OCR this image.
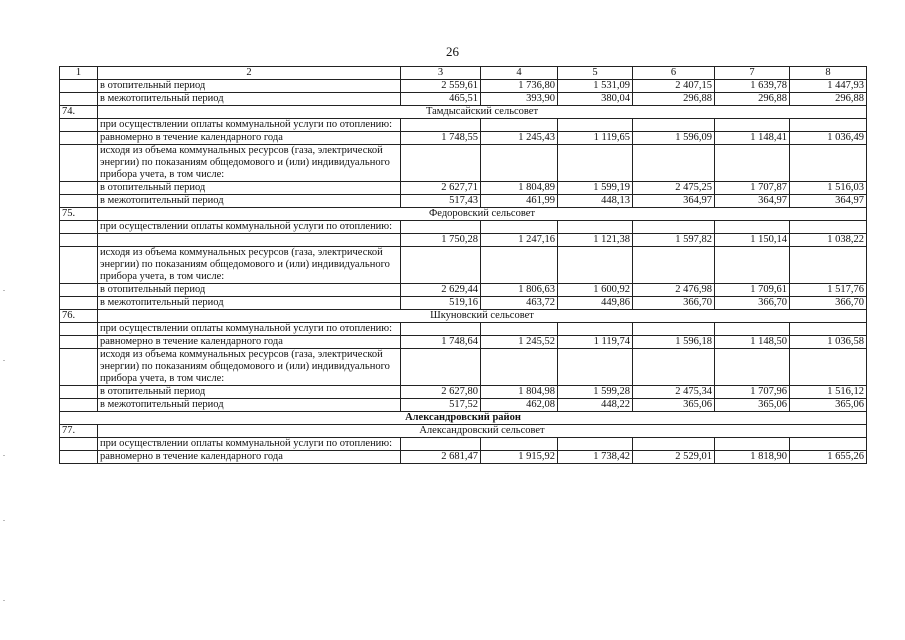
26
1	2	3	4	5	6	7	8
	в отопительный период	2 559,61	1 736,80	1 531,09	2 407,15	1 639,78	1 447,93
	в межотопительный период	465,51	393,90	380,04	296,88	296,88	296,88
74.	Тамдысайский сельсовет						
	при осуществлении оплаты коммунальной услуги по отоплению:						
	равномерно в течение календарного года	1 748,55	1 245,43	1 119,65	1 596,09	1 148,41	1 036,49
	исходя из объема коммунальных ресурсов (газа, электрической энергии) по показаниям общедомового и (или) индивидуального прибора учета, в том числе:						
	в отопительный период	2 627,71	1 804,89	1 599,19	2 475,25	1 707,87	1 516,03
	в межотопительный период	517,43	461,99	448,13	364,97	364,97	364,97
75.	Федоровский сельсовет						
	при осуществлении оплаты коммунальной услуги по отоплению:						
		1 750,28	1 247,16	1 121,38	1 597,82	1 150,14	1 038,22
	исходя из объема коммунальных ресурсов (газа, электрической энергии) по показаниям общедомового и (или) индивидуального прибора учета, в том числе:						
	в отопительный период	2 629,44	1 806,63	1 600,92	2 476,98	1 709,61	1 517,76
	в межотопительный период	519,16	463,72	449,86	366,70	366,70	366,70
76.	Шкуновский сельсовет						
	при осуществлении оплаты коммунальной услуги по отоплению:						
	равномерно в течение календарного года	1 748,64	1 245,52	1 119,74	1 596,18	1 148,50	1 036,58
	исходя из объема коммунальных ресурсов (газа, электрической энергии) по показаниям общедомового и (или) индивидуального прибора учета, в том числе:						
	в отопительный период	2 627,80	1 804,98	1 599,28	2 475,34	1 707,96	1 516,12
	в межотопительный период	517,52	462,08	448,22	365,06	365,06	365,06
Александровский район							
77.	Александровский сельсовет						
	при осуществлении оплаты коммунальной услуги по отоплению:						
	равномерно в течение календарного года	2 681,47	1 915,92	1 738,42	2 529,01	1 818,90	1 655,26
